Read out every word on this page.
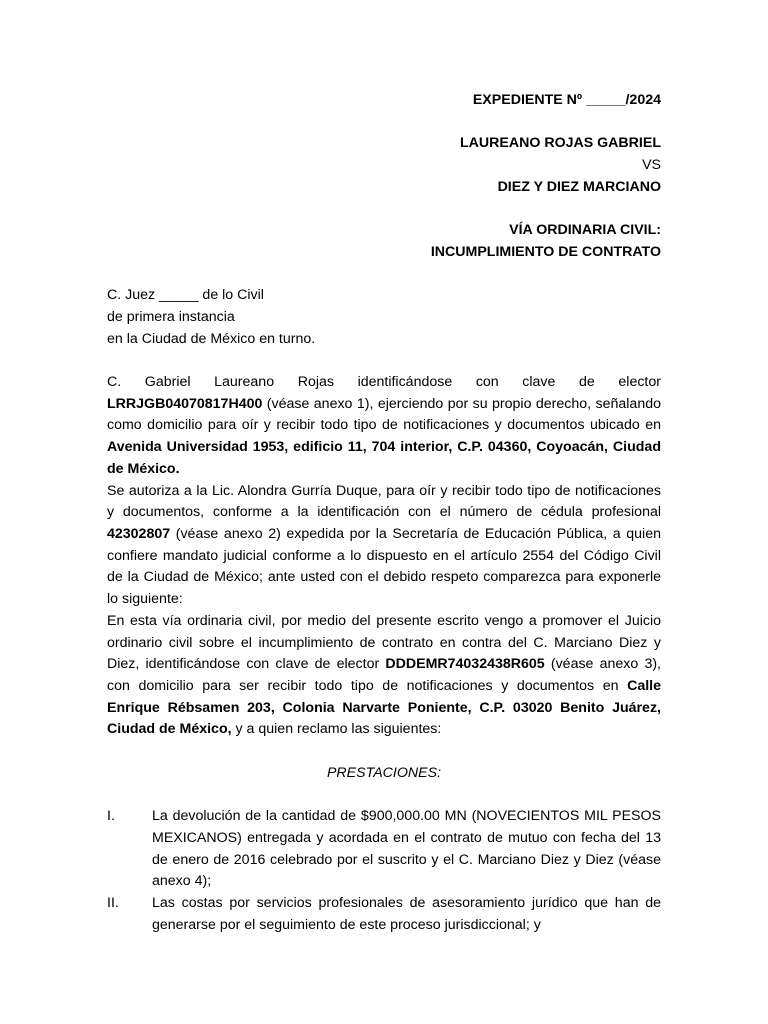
EXPEDIENTE Nº _____/2024
LAUREANO ROJAS GABRIEL
VS
DIEZ Y DIEZ MARCIANO
VÍA ORDINARIA CIVIL:
INCUMPLIMIENTO DE CONTRATO
C. Juez _____ de lo Civil
de primera instancia
en la Ciudad de México en turno.

C. Gabriel Laureano Rojas identificándose con clave de elector LRRJGB04070817H400 (véase anexo 1), ejerciendo por su propio derecho, señalando como domicilio para oír y recibir todo tipo de notificaciones y documentos ubicado en Avenida Universidad 1953, edificio 11, 704 interior, C.P. 04360, Coyoacán, Ciudad de México.

Se autoriza a la Lic. Alondra Gurría Duque, para oír y recibir todo tipo de notificaciones y documentos, conforme a la identificación con el número de cédula profesional 42302807 (véase anexo 2) expedida por la Secretaría de Educación Pública, a quien confiere mandato judicial conforme a lo dispuesto en el artículo 2554 del Código Civil de la Ciudad de México; ante usted con el debido respeto comparezca para exponerle lo siguiente:

En esta vía ordinaria civil, por medio del presente escrito vengo a promover el Juicio ordinario civil sobre el incumplimiento de contrato en contra del C. Marciano Diez y Diez, identificándose con clave de elector DDDEMR74032438R605 (véase anexo 3), con domicilio para ser recibir todo tipo de notificaciones y documentos en Calle Enrique Rébsamen 203, Colonia Narvarte Poniente, C.P. 03020 Benito Juárez, Ciudad de México, y a quien reclamo las siguientes:

PRESTACIONES:
I.	La devolución de la cantidad de $900,000.00 MN (NOVECIENTOS MIL PESOS MEXICANOS) entregada y acordada en el contrato de mutuo con fecha del 13 de enero de 2016 celebrado por el suscrito y el C. Marciano Diez y Diez (véase anexo 4);
II.	Las costas por servicios profesionales de asesoramiento jurídico que han de generarse por el seguimiento de este proceso jurisdiccional; y
